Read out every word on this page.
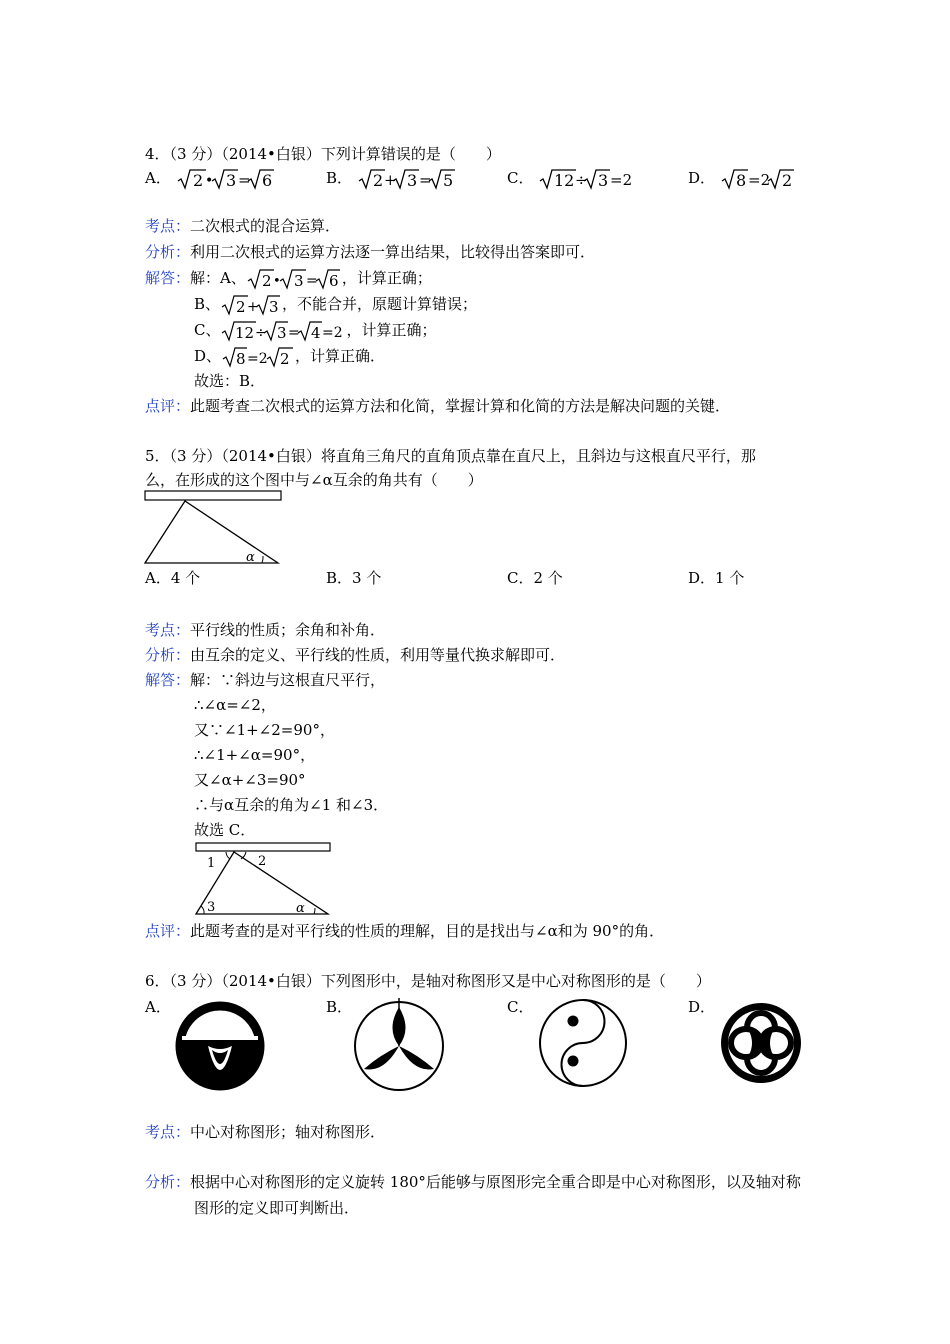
4．（3 分）（2014•白银）下列计算错误的是（　　）
A． 2 • 3 = 6	B． 2 + 3 = 5	C． 12 ÷ 3 =2	D． 8 =2 2
考点：二次根式的混合运算．
分析：利用二次根式的运算方法逐一算出结果，比较得出答案即可．
解答：解：A、 2 • 3 = 6 ，计算正确；
B、 2 + 3 ，不能合并，原题计算错误；
C、 12 ÷ 3 = 4 =2 ，计算正确；
D、 8 =2 2 ，计算正确．
故选：B．
点评：此题考查二次根式的运算方法和化简，掌握计算和化简的方法是解决问题的关键．
5．（3 分）（2014•白银）将直角三角尺的直角顶点靠在直尺上，且斜边与这根直尺平行，那
么，在形成的这个图中与∠α互余的角共有（　　）
α
A．4 个	B．3 个	C．2 个	D．1 个
考点：平行线的性质；余角和补角．
分析：由互余的定义、平行线的性质，利用等量代换求解即可．
解答：解：∵斜边与这根直尺平行，
∴∠α=∠2，
又∵∠1+∠2=90°，
∴∠1+∠α=90°，
又∠α+∠3=90°
∴与α互余的角为∠1 和∠3．
故选 C．
1	2
3	α
点评：此题考查的是对平行线的性质的理解，目的是找出与∠α和为 90°的角．
6．（3 分）（2014•白银）下列图形中，是轴对称图形又是中心对称图形的是（　　）
A．	B．	C．	D．
考点：中心对称图形；轴对称图形．
分析：根据中心对称图形的定义旋转 180°后能够与原图形完全重合即是中心对称图形，以及轴对称
图形的定义即可判断出．
